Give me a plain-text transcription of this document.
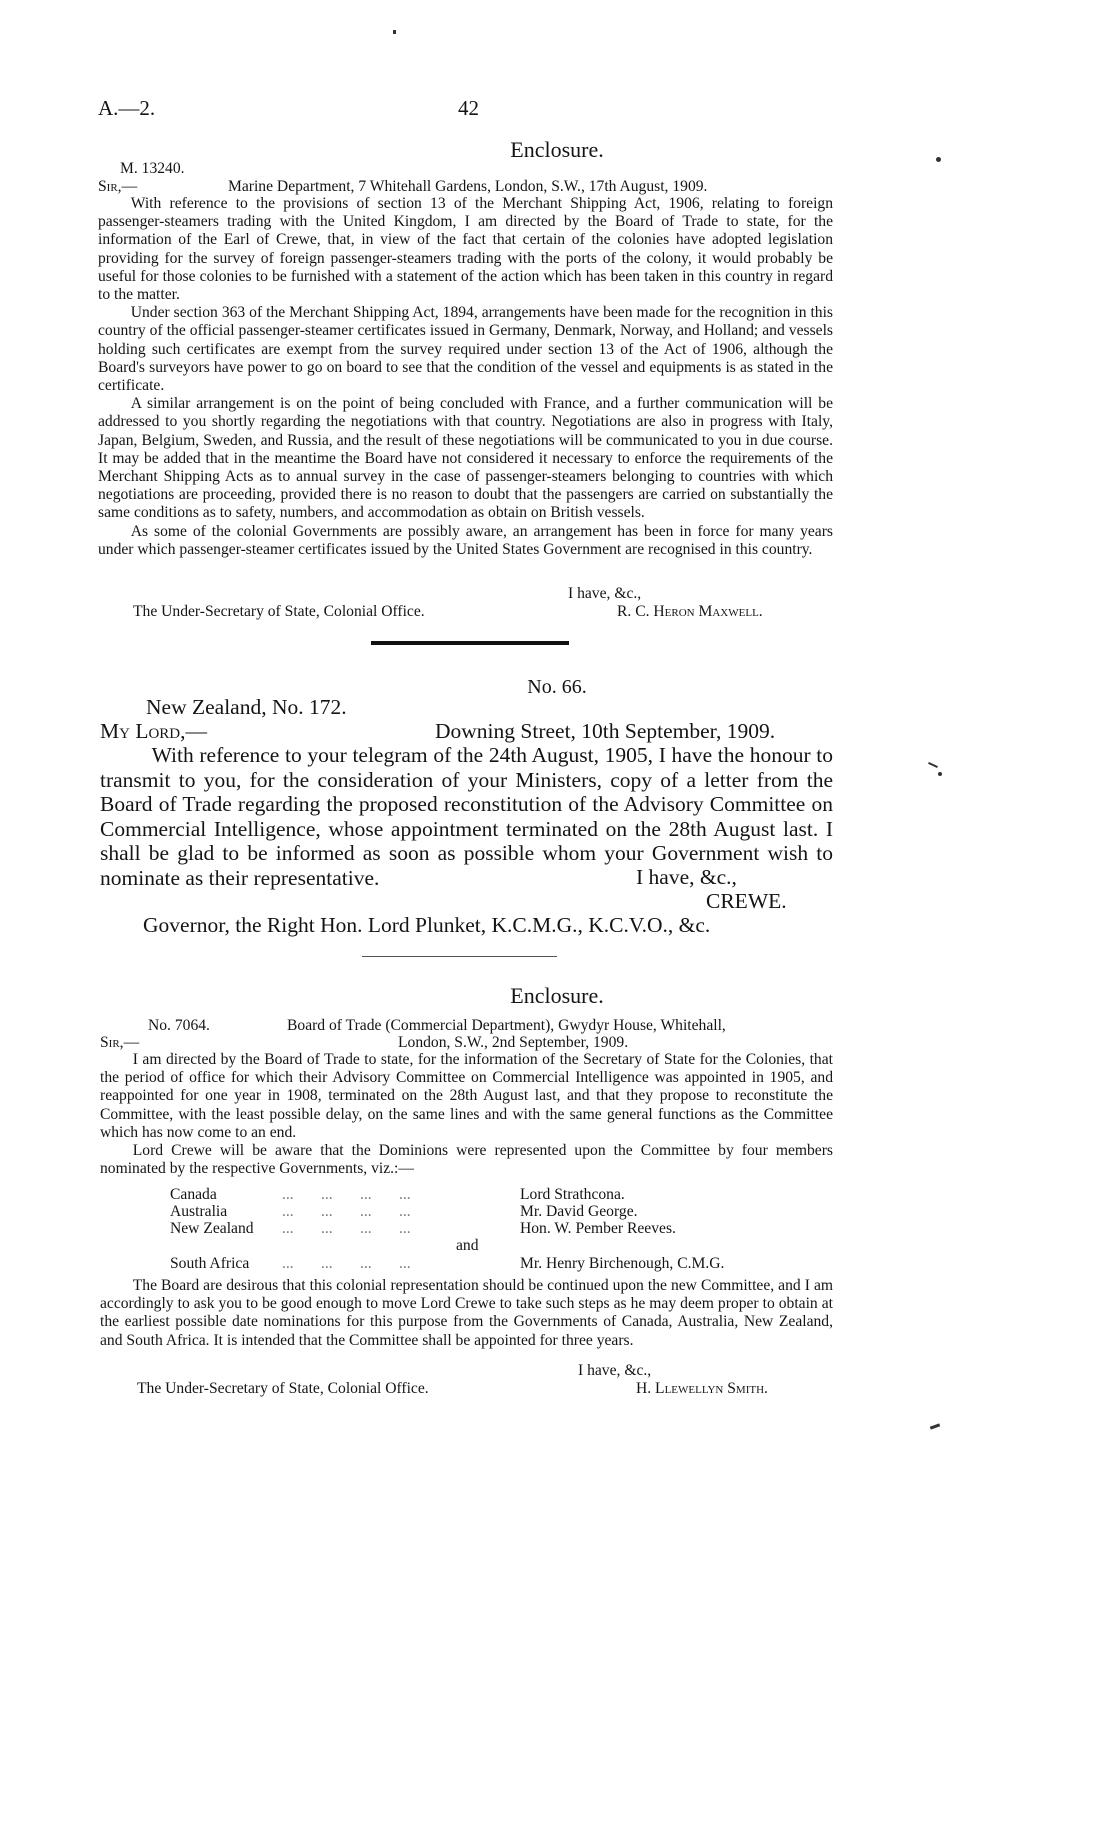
A.—2.	42
Enclosure.
M. 13240.
Sir,—	Marine Department, 7 Whitehall Gardens, London, S.W., 17th August, 1909.

With reference to the provisions of section 13 of the Merchant Shipping Act, 1906, relating to foreign passenger-steamers trading with the United Kingdom, I am directed by the Board of Trade to state, for the information of the Earl of Crewe, that, in view of the fact that certain of the colonies have adopted legislation providing for the survey of foreign passenger-steamers trading with the ports of the colony, it would probably be useful for those colonies to be furnished with a statement of the action which has been taken in this country in regard to the matter.

Under section 363 of the Merchant Shipping Act, 1894, arrangements have been made for the recognition in this country of the official passenger-steamer certificates issued in Germany, Denmark, Norway, and Holland; and vessels holding such certificates are exempt from the survey required under section 13 of the Act of 1906, although the Board's surveyors have power to go on board to see that the condition of the vessel and equipments is as stated in the certificate.

A similar arrangement is on the point of being concluded with France, and a further communication will be addressed to you shortly regarding the negotiations with that country. Negotiations are also in progress with Italy, Japan, Belgium, Sweden, and Russia, and the result of these negotiations will be communicated to you in due course. It may be added that in the meantime the Board have not considered it necessary to enforce the requirements of the Merchant Shipping Acts as to annual survey in the case of passenger-steamers belonging to countries with which negotiations are proceeding, provided there is no reason to doubt that the passengers are carried on substantially the same conditions as to safety, numbers, and accommodation as obtain on British vessels.

As some of the colonial Governments are possibly aware, an arrangement has been in force for many years under which passenger-steamer certificates issued by the United States Government are recognised in this country.

I have, &c.,
The Under-Secretary of State, Colonial Office.	R. C. Heron Maxwell.
No. 66.
New Zealand, No. 172.
My Lord,—	Downing Street, 10th September, 1909.

With reference to your telegram of the 24th August, 1905, I have the honour to transmit to you, for the consideration of your Ministers, copy of a letter from the Board of Trade regarding the proposed reconstitution of the Advisory Committee on Commercial Intelligence, whose appointment terminated on the 28th August last. I shall be glad to be informed as soon as possible whom your Government wish to nominate as their representative.	I have, &c.,
CREWE.
Governor, the Right Hon. Lord Plunket, K.C.M.G., K.C.V.O., &c.
Enclosure.
No. 7064.	Board of Trade (Commercial Department), Gwydyr House, Whitehall,
Sir,—	London, S.W., 2nd September, 1909.

I am directed by the Board of Trade to state, for the information of the Secretary of State for the Colonies, that the period of office for which their Advisory Committee on Commercial Intelligence was appointed in 1905, and reappointed for one year in 1908, terminated on the 28th August last, and that they propose to reconstitute the Committee, with the least possible delay, on the same lines and with the same general functions as the Committee which has now come to an end.

Lord Crewe will be aware that the Dominions were represented upon the Committee by four members nominated by the respective Governments, viz.:—

Canada	...       ...       ...       ...	Lord Strathcona.
Australia	...       ...       ...       ...	Mr. David George.
New Zealand ...       ...       ...       ...	Hon. W. Pember Reeves.
and
South Africa ...       ...       ...       ...	Mr. Henry Birchenough, C.M.G.

The Board are desirous that this colonial representation should be continued upon the new Committee, and I am accordingly to ask you to be good enough to move Lord Crewe to take such steps as he may deem proper to obtain at the earliest possible date nominations for this purpose from the Governments of Canada, Australia, New Zealand, and South Africa. It is intended that the Committee shall be appointed for three years.

I have, &c.,
The Under-Secretary of State, Colonial Office.	H. Llewellyn Smith.
